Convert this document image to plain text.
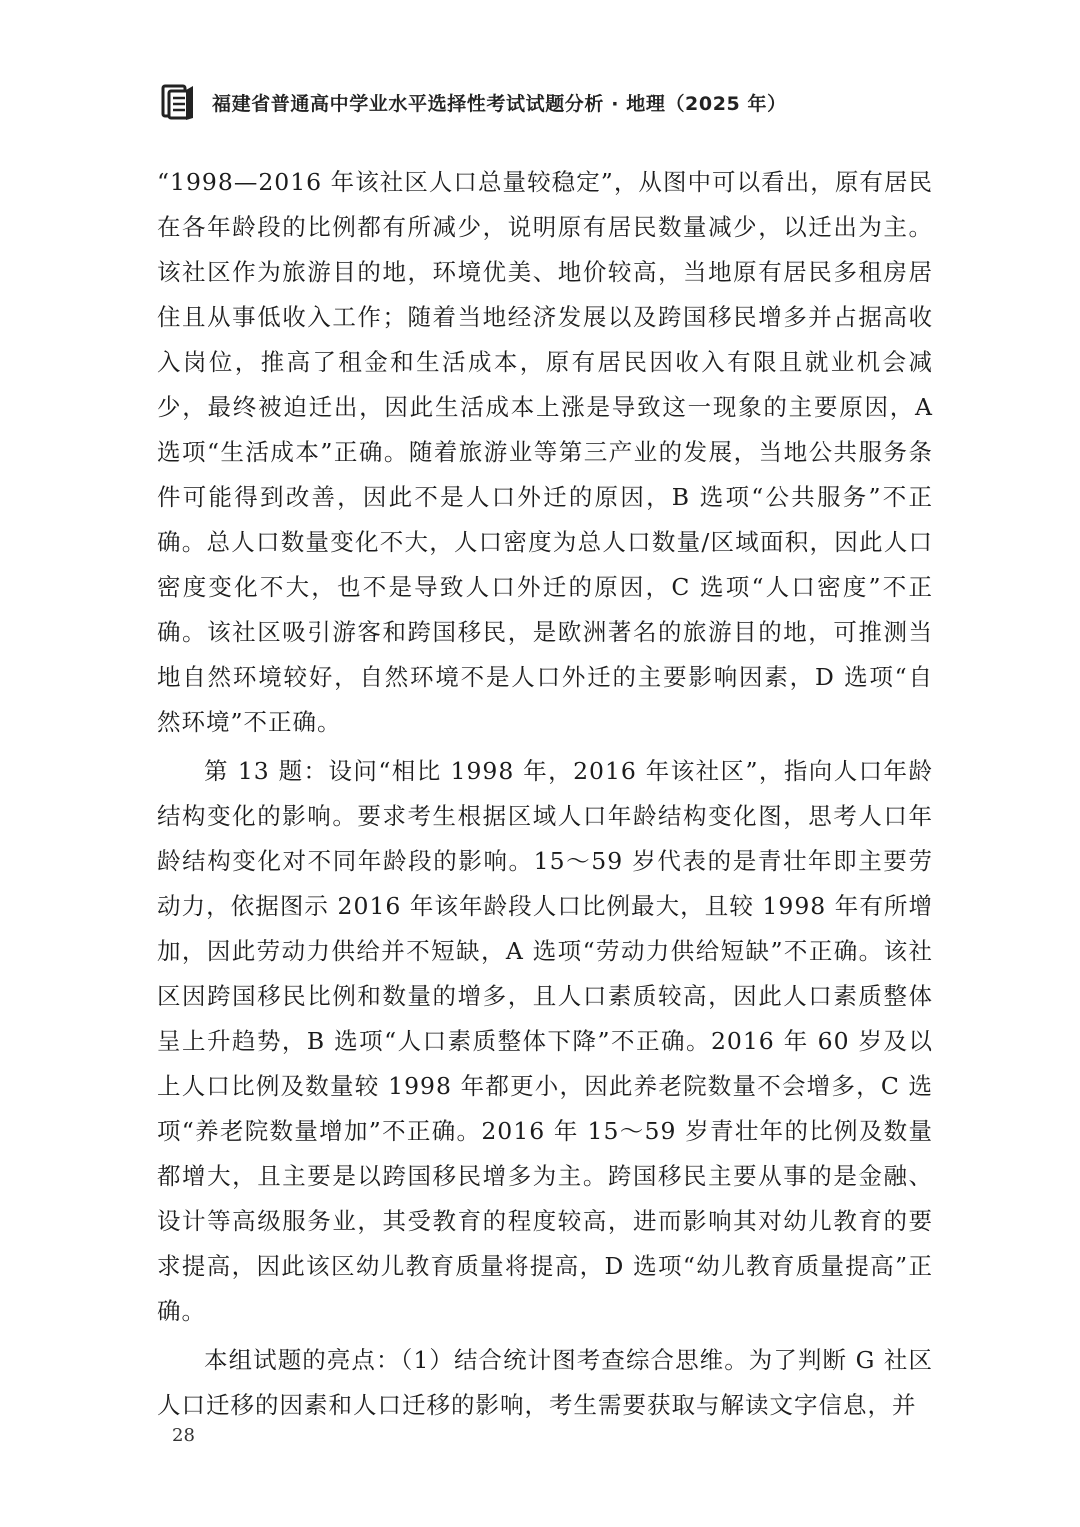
福建省普通高中学业水平选择性考试试题分析 · 地理（2025 年）

“1998—2016 年该社区人口总量较稳定”，从图中可以看出，原有居民在各年龄段的比例都有所减少，说明原有居民数量减少，以迁出为主。该社区作为旅游目的地，环境优美、地价较高，当地原有居民多租房居住且从事低收入工作；随着当地经济发展以及跨国移民增多并占据高收入岗位，推高了租金和生活成本，原有居民因收入有限且就业机会减少，最终被迫迁出，因此生活成本上涨是导致这一现象的主要原因，A 选项“生活成本”正确。随着旅游业等第三产业的发展，当地公共服务条件可能得到改善，因此不是人口外迁的原因，B 选项“公共服务”不正确。总人口数量变化不大，人口密度为总人口数量/区域面积，因此人口密度变化不大，也不是导致人口外迁的原因，C 选项“人口密度”不正确。该社区吸引游客和跨国移民，是欧洲著名的旅游目的地，可推测当地自然环境较好，自然环境不是人口外迁的主要影响因素，D 选项“自然环境”不正确。

第 13 题：设问“相比 1998 年，2016 年该社区”，指向人口年龄结构变化的影响。要求考生根据区域人口年龄结构变化图，思考人口年龄结构变化对不同年龄段的影响。15～59 岁代表的是青壮年即主要劳动力，依据图示 2016 年该年龄段人口比例最大，且较 1998 年有所增加，因此劳动力供给并不短缺，A 选项“劳动力供给短缺”不正确。该社区因跨国移民比例和数量的增多，且人口素质较高，因此人口素质整体呈上升趋势，B 选项“人口素质整体下降”不正确。2016 年 60 岁及以上人口比例及数量较 1998 年都更小，因此养老院数量不会增多，C 选项“养老院数量增加”不正确。2016 年 15～59 岁青壮年的比例及数量都增大，且主要是以跨国移民增多为主。跨国移民主要从事的是金融、设计等高级服务业，其受教育的程度较高，进而影响其对幼儿教育的要求提高，因此该区幼儿教育质量将提高，D 选项“幼儿教育质量提高”正确。

本组试题的亮点：（1）结合统计图考查综合思维。为了判断 G 社区人口迁移的因素和人口迁移的影响，考生需要获取与解读文字信息，并

28
